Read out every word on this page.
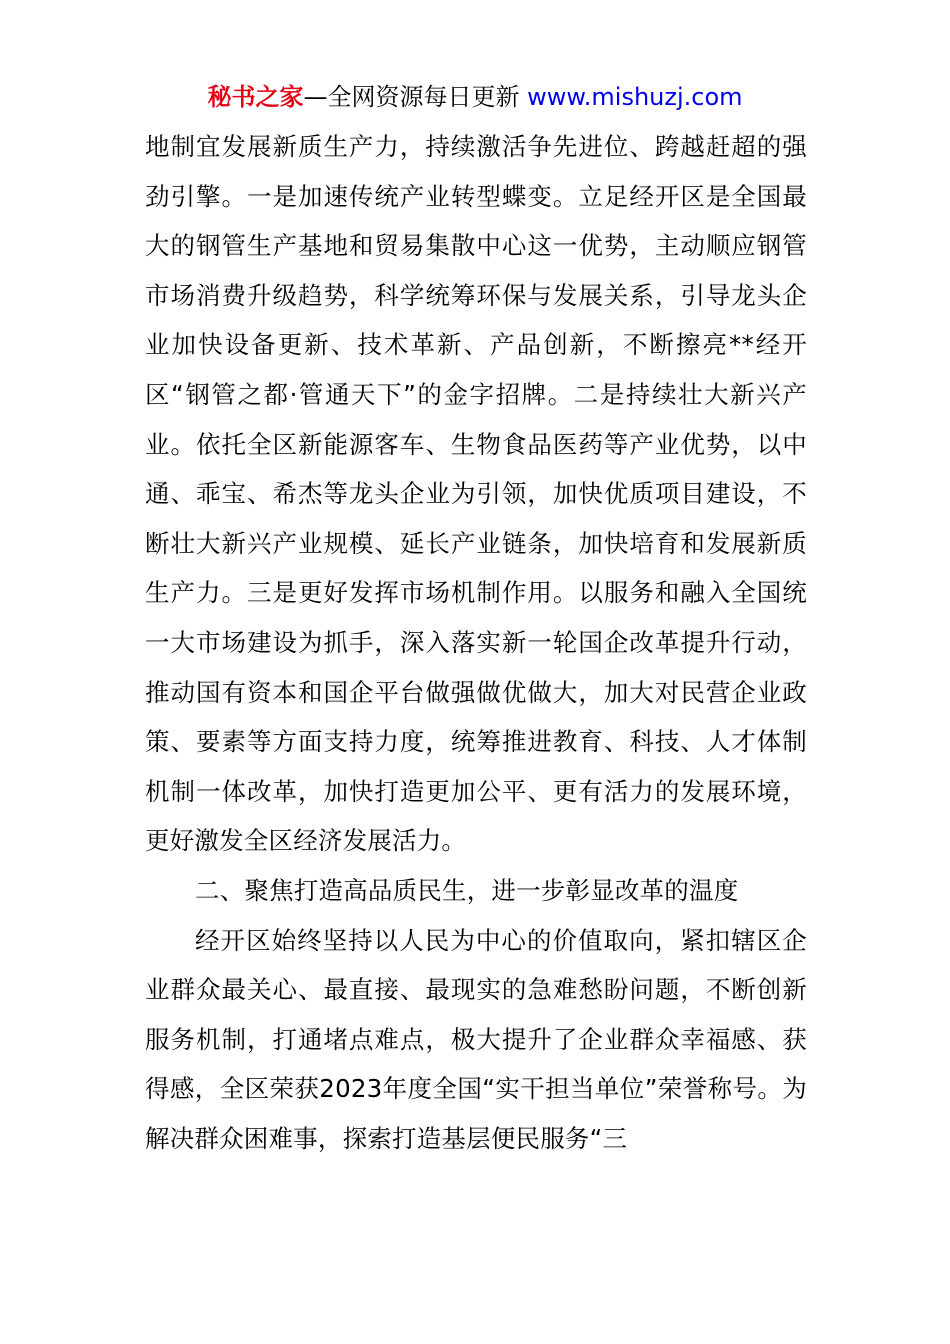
秘书之家—全网资源每日更新 www.mishuzj.com

地制宜发展新质生产力，持续激活争先进位、跨越赶超的强劲引擎。一是加速传统产业转型蝶变。立足经开区是全国最大的钢管生产基地和贸易集散中心这一优势，主动顺应钢管市场消费升级趋势，科学统筹环保与发展关系，引导龙头企业加快设备更新、技术革新、产品创新，不断擦亮**经开区“钢管之都·管通天下”的金字招牌。二是持续壮大新兴产业。依托全区新能源客车、生物食品医药等产业优势，以中通、乖宝、希杰等龙头企业为引领，加快优质项目建设，不断壮大新兴产业规模、延长产业链条，加快培育和发展新质生产力。三是更好发挥市场机制作用。以服务和融入全国统一大市场建设为抓手，深入落实新一轮国企改革提升行动，推动国有资本和国企平台做强做优做大，加大对民营企业政策、要素等方面支持力度，统筹推进教育、科技、人才体制机制一体改革，加快打造更加公平、更有活力的发展环境，更好激发全区经济发展活力。

二、聚焦打造高品质民生，进一步彰显改革的温度

经开区始终坚持以人民为中心的价值取向，紧扣辖区企业群众最关心、最直接、最现实的急难愁盼问题，不断创新服务机制，打通堵点难点，极大提升了企业群众幸福感、获得感，全区荣获2023年度全国“实干担当单位”荣誉称号。为解决群众困难事，探索打造基层便民服务“三
